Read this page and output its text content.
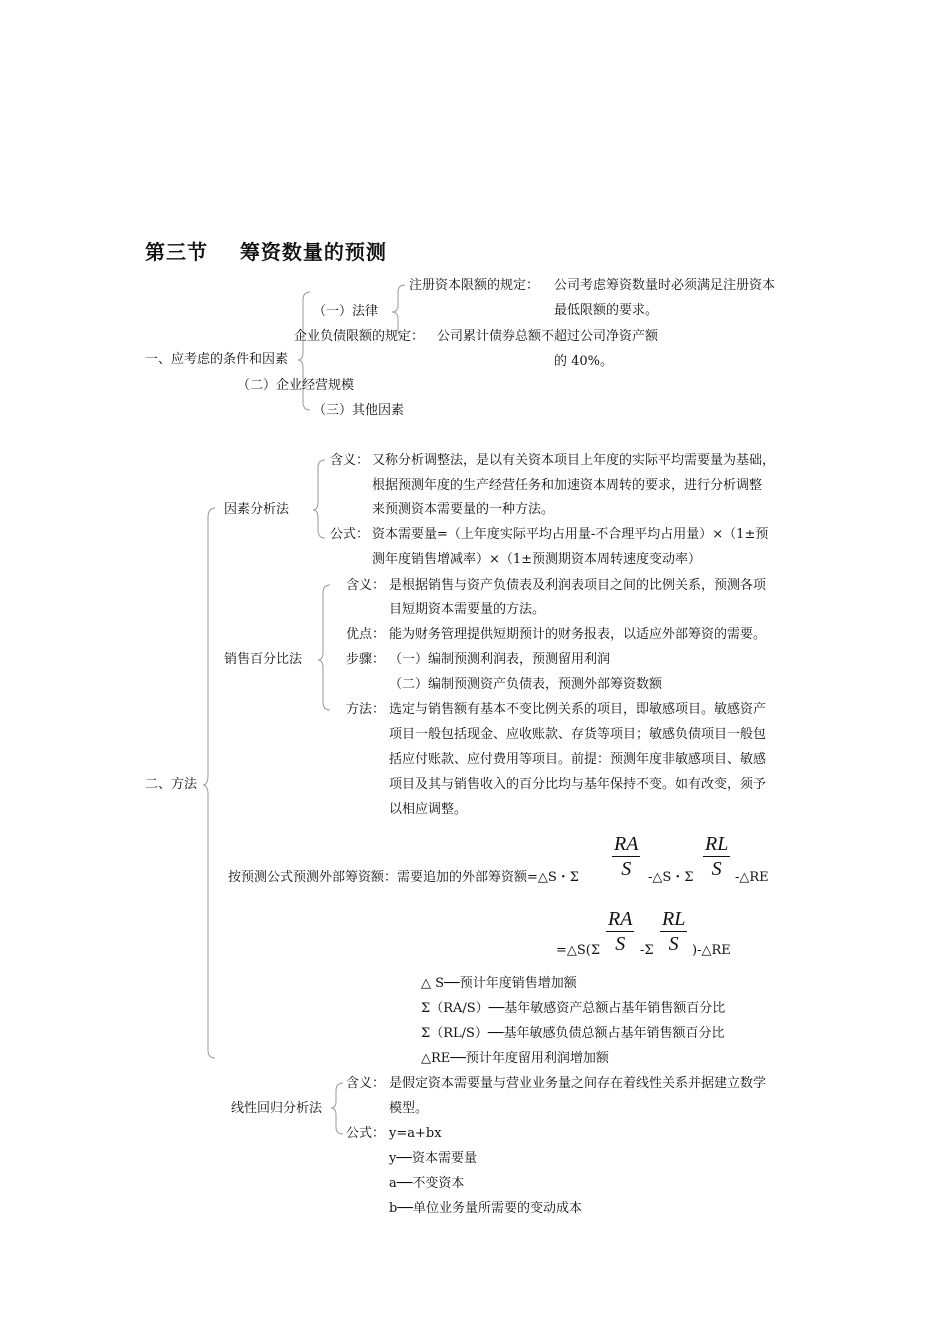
第三节    筹资数量的预测
一、应考虑的条件和因素
（一）法律
注册资本限额的规定： 公司考虑筹资数量时必须满足注册资本
最低限额的要求。
企业负债限额的规定： 公司累计债券总额不超过公司净资产额
的 40%。
（二）企业经营规模
（三）其他因素
二、方法
因素分析法
含义： 又称分析调整法，是以有关资本项目上年度的实际平均需要量为基础，
根据预测年度的生产经营任务和加速资本周转的要求，进行分析调整
来预测资本需要量的一种方法。
公式： 资本需要量=（上年度实际平均占用量-不合理平均占用量）×（1±预
测年度销售增减率）×（1±预测期资本周转速度变动率）
销售百分比法
含义： 是根据销售与资产负债表及利润表项目之间的比例关系，预测各项
目短期资本需要量的方法。
优点： 能为财务管理提供短期预计的财务报表，以适应外部筹资的需要。
步骤： （一）编制预测利润表，预测留用利润
（二）编制预测资产负债表，预测外部筹资数额
方法： 选定与销售额有基本不变比例关系的项目，即敏感项目。敏感资产
项目一般包括现金、应收账款、存货等项目；敏感负债项目一般包
括应付账款、应付费用等项目。前提：预测年度非敏感项目、敏感
项目及其与销售收入的百分比均与基年保持不变。如有改变，须予
以相应调整。
按预测公式预测外部筹资额：需要追加的外部筹资额=△S・Σ $\frac{RA}{S}$ -△S・Σ $\frac{RL}{S}$ -△RE
=△S(Σ $\frac{RA}{S} -\Sigma \frac{RL}{S}$ )-△RE
△ S──预计年度销售增加额
Σ（RA/S）──基年敏感资产总额占基年销售额百分比
Σ（RL/S）──基年敏感负债总额占基年销售额百分比
△RE──预计年度留用利润增加额
线性回归分析法
含义： 是假定资本需要量与营业业务量之间存在着线性关系并据建立数学
模型。
公式： y=a+bx
y──资本需要量
a──不变资本
b──单位业务量所需要的变动成本
